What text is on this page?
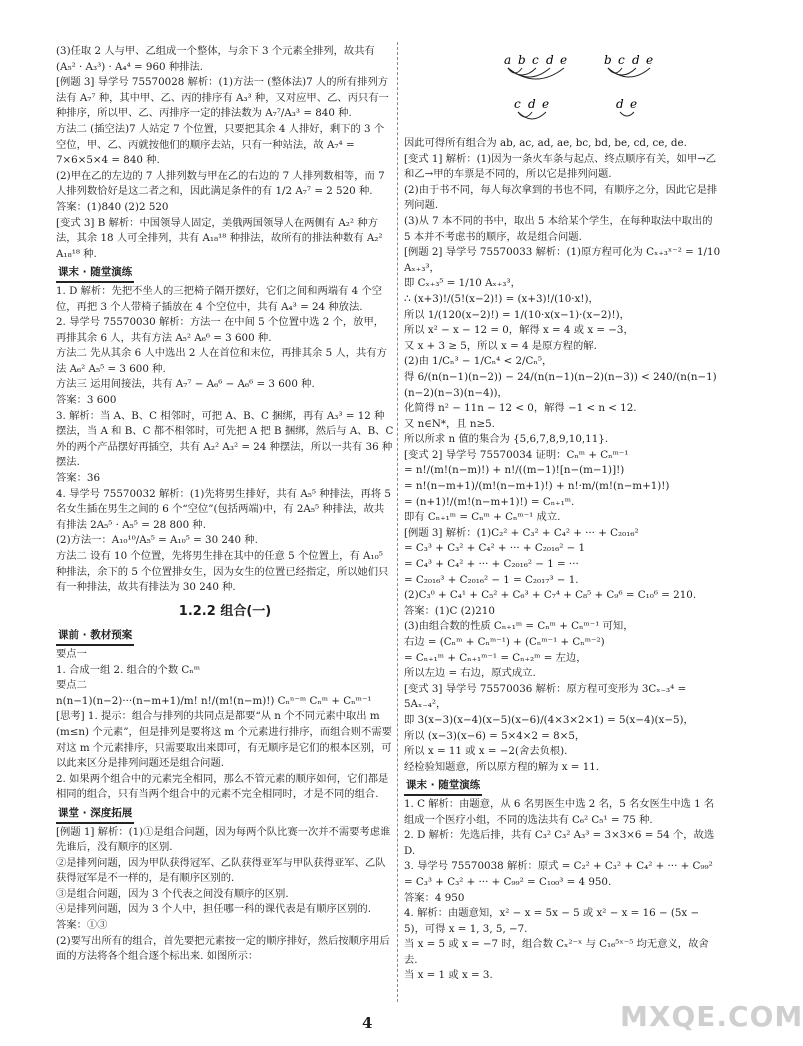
(3)任取 2 人与甲、乙组成一个整体，与余下 3 个元素全排列，故共有 (A₅² · A₃³) · A₄⁴ = 960 种排法.

[例题 3] 导学号 75570028 解析：(1)方法一 (整体法)7 人的所有排列方法有 A₇⁷ 种，其中甲、乙、丙的排序有 A₃³ 种，又对应甲、乙、丙只有一种排序，所以甲、乙、丙排序一定的排法数为 A₇⁷/A₃³ = 840 种.

方法二 (插空法)7 人站定 7 个位置，只要把其余 4 人排好，剩下的 3 个空位，甲、乙、丙就按他们的顺序去站，只有一种站法，故 A₇⁴ = 7×6×5×4 = 840 种.

(2)甲在乙的左边的 7 人排列数与甲在乙的右边的 7 人排列数相等，而 7 人排列数恰好是这二者之和，因此满足条件的有 1/2 A₇⁷ = 2 520 种.

答案：(1)840 (2)2 520

[变式 3] B 解析：中国领导人固定，美俄两国领导人在两侧有 A₂² 种方法，其余 18 人可全排列，共有 A₁₈¹⁸ 种排法，故所有的排法种数有 A₂² A₁₈¹⁸ 种.

课末 · 随堂演练

1. D 解析：先把不坐人的三把椅子隔开摆好，它们之间和两端有 4 个空位，再把 3 个人带椅子插放在 4 个空位中，共有 A₄³ = 24 种放法.

2. 导学号 75570030 解析：方法一 在中间 5 个位置中选 2 个，放甲，再排其余 6 人，共有方法 A₅² A₆⁶ = 3 600 种.

方法二 先从其余 6 人中选出 2 人在首位和末位，再排其余 5 人，共有方法 A₆² A₅⁵ = 3 600 种.

方法三 运用间接法，共有 A₇⁷ − A₆⁶ − A₆⁶ = 3 600 种.

答案：3 600

3. 解析：当 A、B、C 相邻时，可把 A、B、C 捆绑，再有 A₃³ = 12 种摆法，当 A 和 B、C 都不相邻时，可先把 A 把 B 捆绑，然后与 A、B、C 外的两个产品摆好再插空，共有 A₂² A₃² = 24 种摆法，所以一共有 36 种摆法.

答案：36

4. 导学号 75570032 解析：(1)先将男生排好，共有 A₅⁵ 种排法，再将 5 名女生插在男生之间的 6 个“空位”(包括两端)中，有 2A₅⁵ 种排法，故共有排法 2A₅⁵ · A₅⁵ = 28 800 种.

(2)方法一：A₁₀¹⁰/A₅⁵ = A₁₀⁵ = 30 240 种.

方法二 设有 10 个位置，先将男生排在其中的任意 5 个位置上，有 A₁₀⁵ 种排法，余下的 5 个位置排女生，因为女生的位置已经指定，所以她们只有一种排法，故共有排法为 30 240 种.

1.2.2 组合(一)
课前 · 教材预案

要点一

1. 合成一组 2. 组合的个数 Cₙᵐ

要点二

n(n−1)(n−2)···(n−m+1)/m! n!/(m!(n−m)!) Cₙⁿ⁻ᵐ Cₙᵐ + Cₙᵐ⁻¹

[思考] 1. 提示：组合与排列的共同点是都要“从 n 个不同元素中取出 m (m≤n) 个元素”，但是排列是要将这 m 个元素进行排序，而组合则不需要对这 m 个元素排序，只需要取出来即可，有无顺序是它们的根本区别，可以此来区分是排列问题还是组合问题.

2. 如果两个组合中的元素完全相同，那么不管元素的顺序如何，它们都是相同的组合，只有当两个组合中的元素不完全相同时，才是不同的组合.

课堂 · 深度拓展

[例题 1] 解析：(1)①是组合问题，因为每两个队比赛一次并不需要考虑谁先谁后，没有顺序的区别.

②是排列问题，因为甲队获得冠军、乙队获得亚军与甲队获得亚军、乙队获得冠军是不一样的，是有顺序区别的.

③是组合问题，因为 3 个代表之间没有顺序的区别.

④是排列问题，因为 3 个人中，担任哪一科的课代表是有顺序区别的.

答案：①③

(2)要写出所有的组合，首先要把元素按一定的顺序排好，然后按顺序用后面的方法将各个组合逐个标出来. 如图所示：

a b c d e	b c d e
c d e	d e

因此可得所有组合为 ab, ac, ad, ae, bc, bd, be, cd, ce, de.

[变式 1] 解析：(1)因为一条火车条与起点、终点顺序有关，如甲→乙和乙→甲的车票是不同的，所以它是排列问题.

(2)由于书不同，每人每次拿到的书也不同，有顺序之分，因此它是排列问题.

(3)从 7 本不同的书中，取出 5 本给某个学生，在每种取法中取出的 5 本并不考虑书的顺序，故是组合问题.

[例题 2] 导学号 75570033 解析：(1)原方程可化为 Cₓ₊₃ˣ⁻² = 1/10 Aₓ₊₃³，

即 Cₓ₊₃⁵ = 1/10 Aₓ₊₃³，

∴ (x+3)!/(5!(x−2)!) = (x+3)!/(10·x!)，

所以 1/(120(x−2)!) = 1/(10·x(x−1)·(x−2)!)，

所以 x² − x − 12 = 0，解得 x = 4 或 x = −3，

又 x + 3 ≥ 5，所以 x = 4 是原方程的解.

(2)由 1/Cₙ³ − 1/Cₙ⁴ < 2/Cₙ⁵，

得 6/(n(n−1)(n−2)) − 24/(n(n−1)(n−2)(n−3)) < 240/(n(n−1)(n−2)(n−3)(n−4))，

化简得 n² − 11n − 12 < 0，解得 −1 < n < 12.

又 n∈N*，且 n≥5.

所以所求 n 值的集合为 {5,6,7,8,9,10,11}.

[变式 2] 导学号 75570034 证明：Cₙᵐ + Cₙᵐ⁻¹

= n!/(m!(n−m)!) + n!/((m−1)![n−(m−1)]!)

= n!(n−m+1)/(m!(n−m+1)!) + n!·m/(m!(n−m+1)!)

= (n+1)!/(m!(n−m+1)!) = Cₙ₊₁ᵐ.

即有 Cₙ₊₁ᵐ = Cₙᵐ + Cₙᵐ⁻¹ 成立.

[例题 3] 解析：(1)C₂² + C₃² + C₄² + ··· + C₂₀₁₆²

= C₃³ + C₃² + C₄² + ··· + C₂₀₁₆² − 1

= C₄³ + C₄² + ··· + C₂₀₁₆² − 1 = ···

= C₂₀₁₆³ + C₂₀₁₆² − 1 = C₂₀₁₇³ − 1.

(2)C₃⁰ + C₄¹ + C₅² + C₆³ + C₇⁴ + C₈⁵ + C₉⁶ = C₁₀⁶ = 210.

答案：(1)C (2)210

(3)由组合数的性质 Cₙ₊₁ᵐ = Cₙᵐ + Cₙᵐ⁻¹ 可知，

右边 = (Cₙᵐ + Cₙᵐ⁻¹) + (Cₙᵐ⁻¹ + Cₙᵐ⁻²)

= Cₙ₊₁ᵐ + Cₙ₊₁ᵐ⁻¹ = Cₙ₊₂ᵐ = 左边，

所以左边 = 右边，原式成立.

[变式 3] 导学号 75570036 解析：原方程可变形为 3Cₓ₋₃⁴ = 5Aₓ₋₄²，

即 3(x−3)(x−4)(x−5)(x−6)/(4×3×2×1) = 5(x−4)(x−5)，

所以 (x−3)(x−6) = 5×4×2 = 8×5，

所以 x = 11 或 x = −2(舍去负根).

经检验知题意，所以原方程的解为 x = 11.

课末 · 随堂演练

1. C 解析：由题意，从 6 名男医生中选 2 名，5 名女医生中选 1 名组成一个医疗小组，不同的选法共有 C₆² C₅¹ = 75 种.

2. D 解析：先选后排，共有 C₃² C₃² A₃³ = 3×3×6 = 54 个，故选 D.

3. 导学号 75570038 解析：原式 = C₂² + C₃² + C₄² + ··· + C₉₉² = C₃³ + C₃² + ··· + C₉₉² = C₁₀₀³ = 4 950.

答案：4 950

4. 解析：由题意知，x² − x = 5x − 5 或 x² − x = 16 − (5x − 5)，可得 x = 1, 3, 5, −7.

当 x = 5 或 x = −7 时，组合数 Cₓ²⁻ˣ 与 C₁₆⁵ˣ⁻⁵ 均无意义，故舍去.

当 x = 1 或 x = 3.

4	MXQE.COM
